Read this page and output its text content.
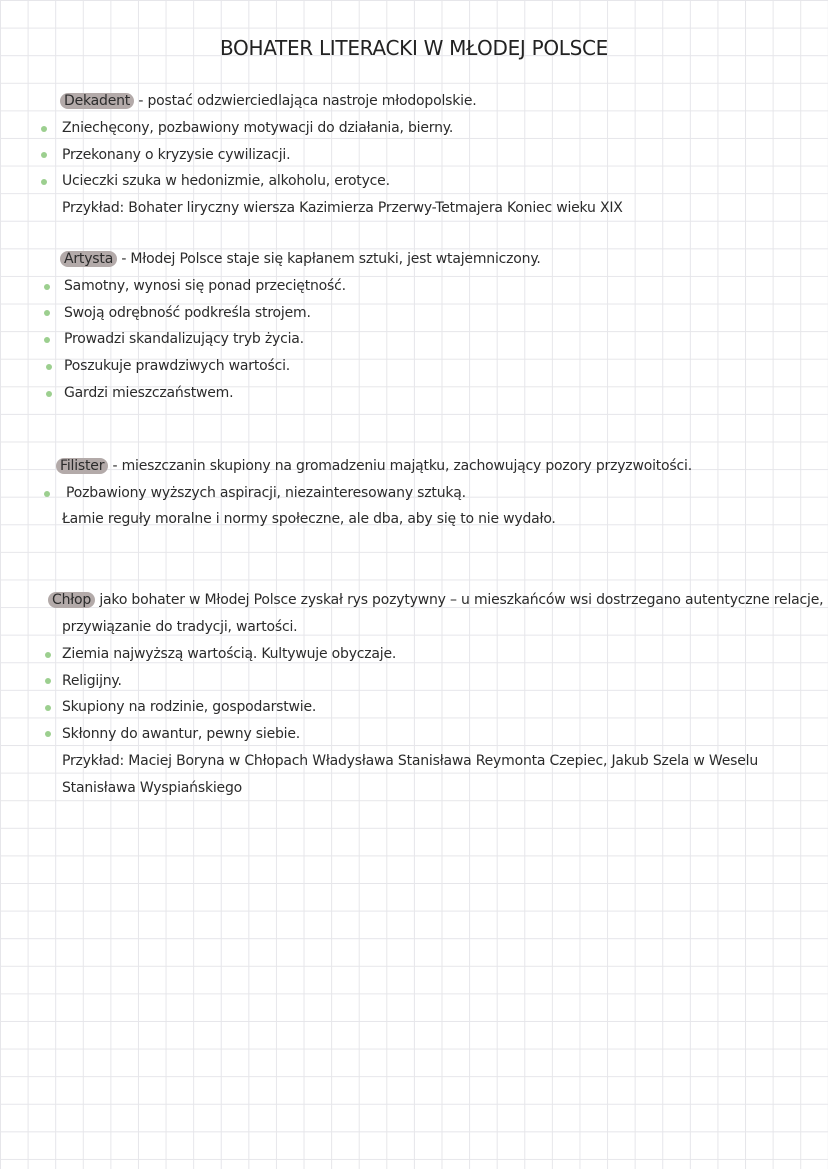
BOHATER LITERACKI W MŁODEJ POLSCE
Dekadent - postać odzwierciedlająca nastroje młodopolskie.
Zniechęcony, pozbawiony motywacji do działania, bierny.
Przekonany o kryzysie cywilizacji.
Ucieczki szuka w hedonizmie, alkoholu, erotyce.
Przykład: Bohater liryczny wiersza Kazimierza Przerwy-Tetmajera Koniec wieku XIX
Artysta - Młodej Polsce staje się kapłanem sztuki, jest wtajemniczony.
Samotny, wynosi się ponad przeciętność.
Swoją odrębność podkreśla strojem.
Prowadzi skandalizujący tryb życia.
Poszukuje prawdziwych wartości.
Gardzi mieszczaństwem.
Filister - mieszczanin skupiony na gromadzeniu majątku, zachowujący pozory przyzwoitości.
Pozbawiony wyższych aspiracji, niezainteresowany sztuką.
Łamie reguły moralne i normy społeczne, ale dba, aby się to nie wydało.
Chłop jako bohater w Młodej Polsce zyskał rys pozytywny – u mieszkańców wsi dostrzegano autentyczne relacje,
przywiązanie do tradycji, wartości.
Ziemia najwyższą wartością. Kultywuje obyczaje.
Religijny.
Skupiony na rodzinie, gospodarstwie.
Skłonny do awantur, pewny siebie.
Przykład: Maciej Boryna w Chłopach Władysława Stanisława Reymonta Czepiec, Jakub Szela w Weselu
Stanisława Wyspiańskiego
